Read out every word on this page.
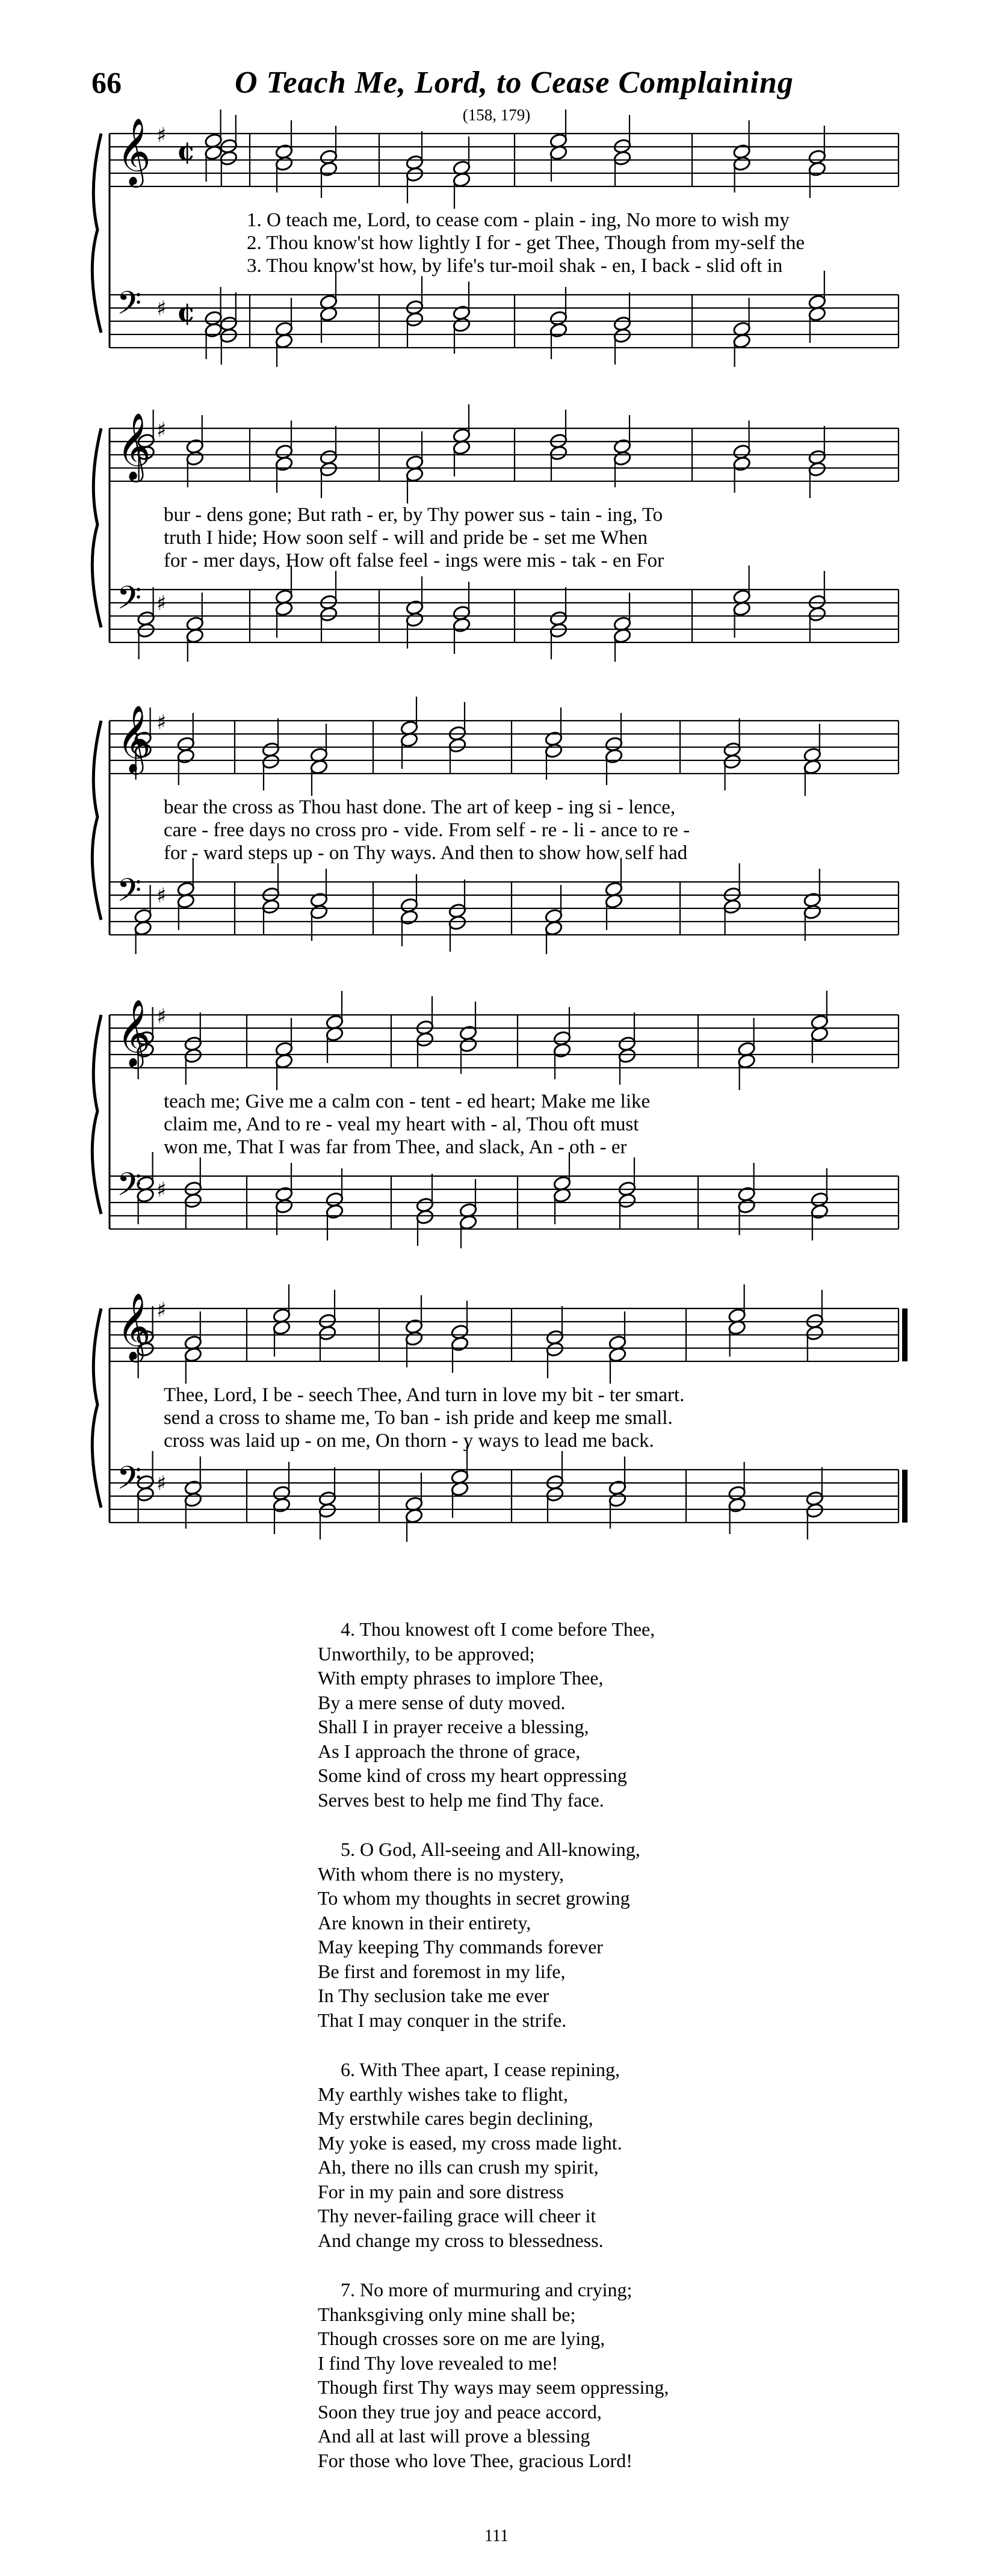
66	O Teach Me, Lord, to Cease Complaining
(158, 179)
𝄞 ♯
¢
𝄢 ♯ ¢
1. O teach me, Lord, to cease com - plain - ing, No more to wish my
2. Thou know'st how lightly I for - get Thee, Though from my-self the
3. Thou know'st how, by life's tur-moil shak - en, I back - slid oft in
𝄞 ♯
𝄢 ♯
bur - dens gone; But rath - er, by Thy power sus - tain - ing, To
truth I hide; How soon self - will and pride be - set me When
for - mer days, How oft false feel - ings were mis - tak - en For
𝄞 ♯
𝄢 ♯
bear the cross as Thou hast done. The art of keep - ing si - lence,
care - free days no cross pro - vide. From self - re - li - ance to re -
for - ward steps up - on Thy ways. And then to show how self had
𝄞 ♯
𝄢 ♯
teach me; Give me a calm con - tent - ed heart; Make me like
claim me, And to re - veal my heart with - al, Thou oft must
won me, That I was far from Thee, and slack, An - oth - er
𝄞 ♯
𝄢 ♯
Thee, Lord, I be - seech Thee, And turn in love my bit - ter smart.
send a cross to shame me, To ban - ish pride and keep me small.
cross was laid up - on me, On thorn - y ways to lead me back.
4. Thou knowest oft I come before Thee,
Unworthily, to be approved;
With empty phrases to implore Thee,
By a mere sense of duty moved.
Shall I in prayer receive a blessing,
As I approach the throne of grace,
Some kind of cross my heart oppressing
Serves best to help me find Thy face.
5. O God, All-seeing and All-knowing,
With whom there is no mystery,
To whom my thoughts in secret growing
Are known in their entirety,
May keeping Thy commands forever
Be first and foremost in my life,
In Thy seclusion take me ever
That I may conquer in the strife.
6. With Thee apart, I cease repining,
My earthly wishes take to flight,
My erstwhile cares begin declining,
My yoke is eased, my cross made light.
Ah, there no ills can crush my spirit,
For in my pain and sore distress
Thy never-failing grace will cheer it
And change my cross to blessedness.
7. No more of murmuring and crying;
Thanksgiving only mine shall be;
Though crosses sore on me are lying,
I find Thy love revealed to me!
Though first Thy ways may seem oppressing,
Soon they true joy and peace accord,
And all at last will prove a blessing
For those who love Thee, gracious Lord!
111
